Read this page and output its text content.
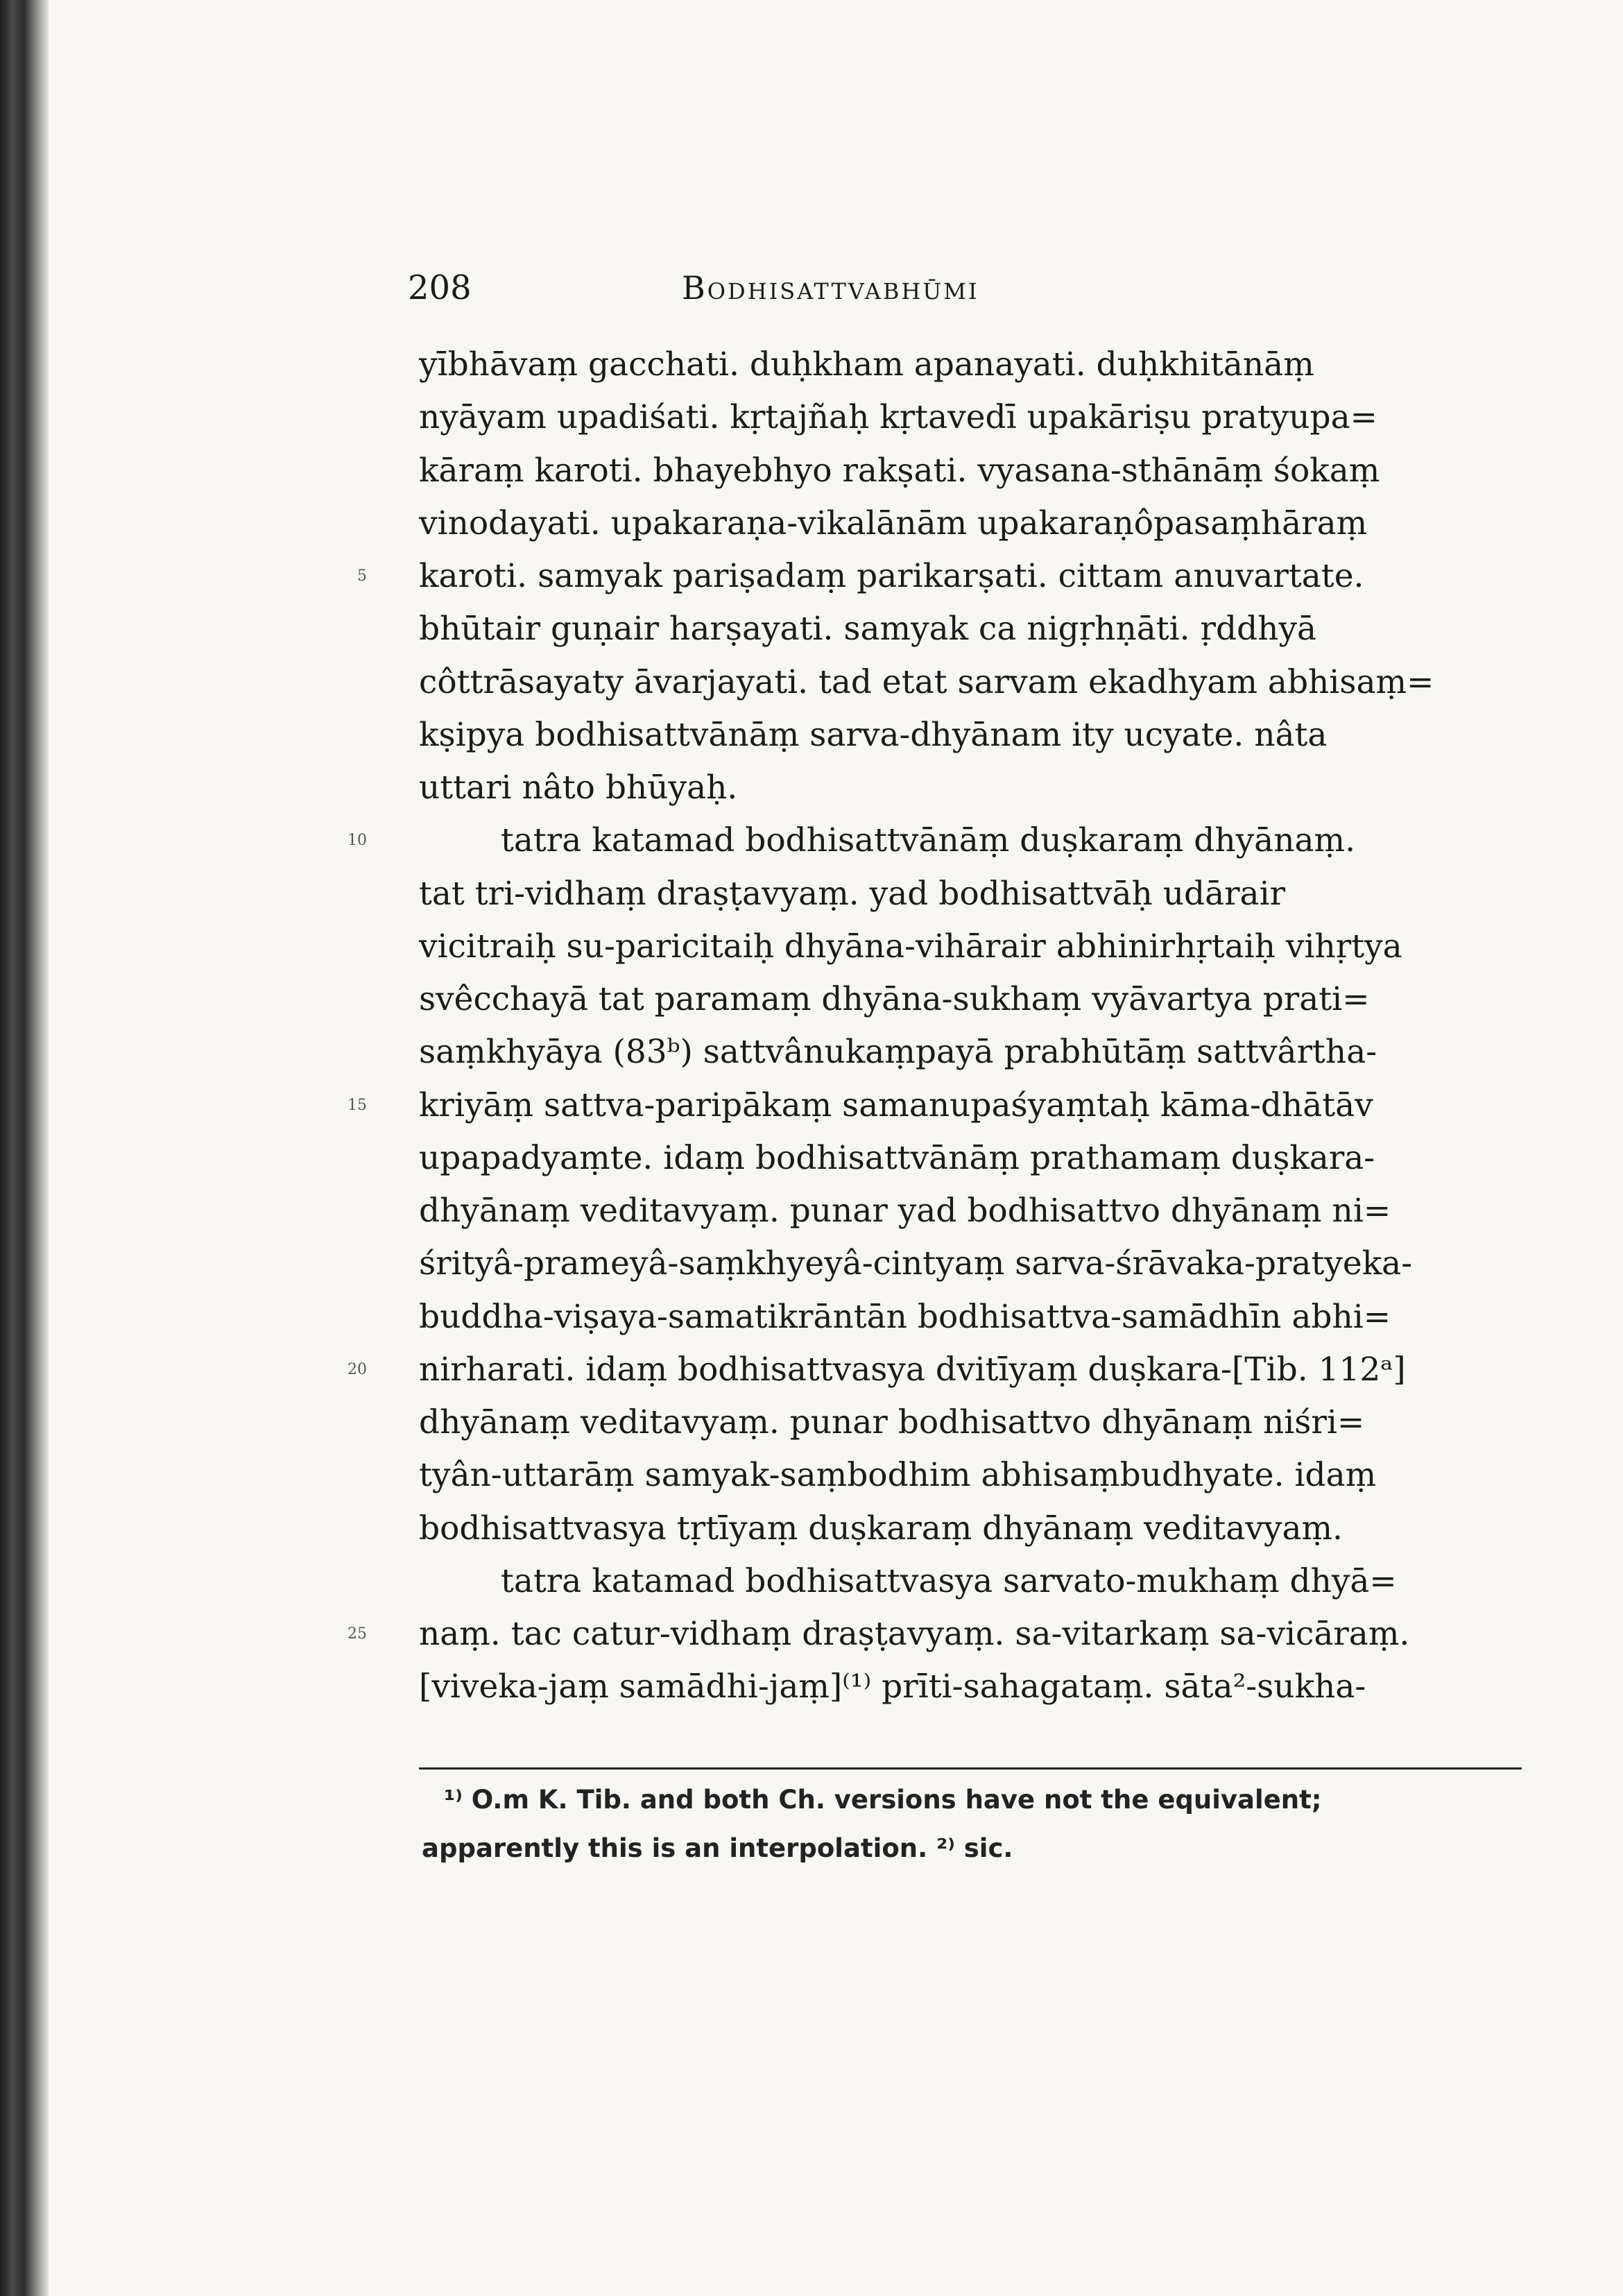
208	Bodhisattvabhūmi
yībhāvaṃ gacchati. duḥkham apanayati. duḥkhitānāṃ
nyāyam upadiśati. kṛtajñaḥ kṛtavedī upakāriṣu pratyupa=
kāraṃ karoti. bhayebhyo rakṣati. vyasana-sthānāṃ śokaṃ
vinodayati. upakaraṇa-vikalānām upakaraṇôpasaṃhāraṃ
5 karoti. samyak pariṣadaṃ parikarṣati. cittam anuvartate.
bhūtair guṇair harṣayati. samyak ca nigṛhṇāti. ṛddhyā
côttrāsayaty āvarjayati. tad etat sarvam ekadhyam abhisaṃ=
kṣipya bodhisattvānāṃ sarva-dhyānam ity ucyate. nâta
uttari nâto bhūyaḥ.
10	tatra katamad bodhisattvānāṃ duṣkaraṃ dhyānaṃ.
tat tri-vidhaṃ draṣṭavyaṃ. yad bodhisattvāḥ udārair
vicitraiḥ su-paricitaiḥ dhyāna-vihārair abhinirhṛtaiḥ vihṛtya
svêcchayā tat paramaṃ dhyāna-sukhaṃ vyāvartya prati=
saṃkhyāya (83ᵇ) sattvânukaṃpayā prabhūtāṃ sattvârtha-
15 kriyāṃ sattva-paripākaṃ samanupaśyaṃtaḥ kāma-dhātāv
upapadyaṃte. idaṃ bodhisattvānāṃ prathamaṃ duṣkara-
dhyānaṃ veditavyaṃ. punar yad bodhisattvo dhyānaṃ ni=
śrityâ-prameyâ-saṃkhyeyâ-cintyaṃ sarva-śrāvaka-pratyeka-
buddha-viṣaya-samatikrāntān bodhisattva-samādhīn abhi=
20 nirharati. idaṃ bodhisattvasya dvitīyaṃ duṣkara-[Tib. 112ᵃ]
dhyānaṃ veditavyaṃ. punar bodhisattvo dhyānaṃ niśri=
tyân-uttarāṃ samyak-saṃbodhim abhisaṃbudhyate. idaṃ
bodhisattvasya tṛtīyaṃ duṣkaraṃ dhyānaṃ veditavyaṃ.
tatra katamad bodhisattvasya sarvato-mukhaṃ dhyā=
25 naṃ. tac catur-vidhaṃ draṣṭavyaṃ. sa-vitarkaṃ sa-vicāraṃ.
[viveka-jaṃ samādhi-jaṃ]⁽¹⁾ prīti-sahagataṃ. sāta²-sukha-
¹⁾ O.m K. Tib. and both Ch. versions have not the equivalent;
apparently this is an interpolation. ²⁾ sic.
